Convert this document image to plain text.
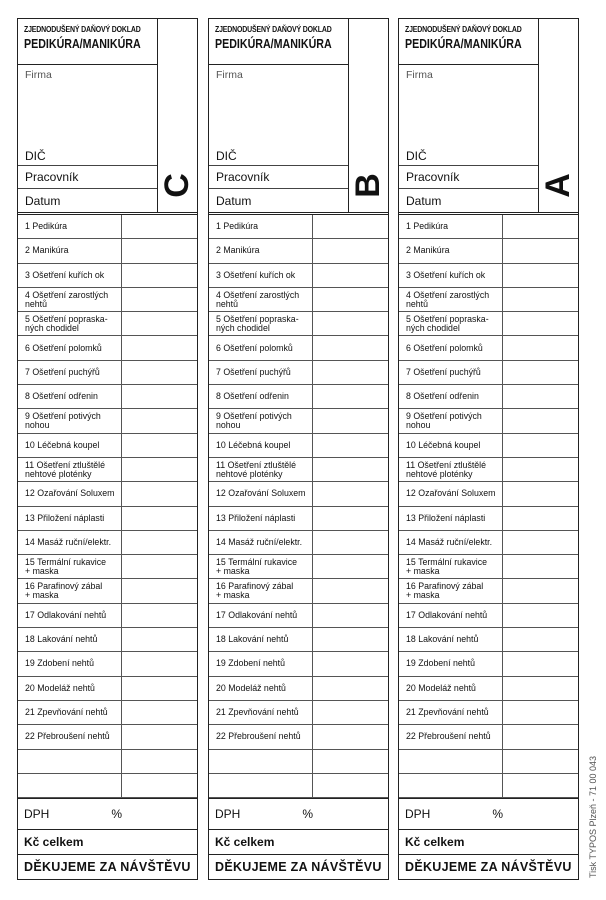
ZJEDNODUŠENÝ DAŇOVÝ DOKLAD
PEDIKÚRA/MANIKÚRA
Firma
DIČ
Pracovník
Datum
C
1 Pedikúra
2 Manikúra
3 Ošetření kuřích ok
4 Ošetření zarostlých
nehtů
5 Ošetření popraska-
ných chodidel
6 Ošetření polomků
7 Ošetření puchýřů
8 Ošetření odřenin
9 Ošetření potivých
nohou
10 Léčebná koupel
11 Ošetření ztluštělé
nehtové ploténky
12 Ozařování Soluxem
13 Přiložení náplasti
14 Masáž ruční/elektr.
15 Termální rukavice
+ maska
16 Parafinový zábal
+ maska
17 Odlakování nehtů
18 Lakování nehtů
19 Zdobení nehtů
20 Modeláž nehtů
21 Zpevňování nehtů
22 Přebroušení nehtů
DPH	%
Kč celkem
DĚKUJEME ZA NÁVŠTĚVU
ZJEDNODUŠENÝ DAŇOVÝ DOKLAD
PEDIKÚRA/MANIKÚRA
Firma
DIČ
Pracovník
Datum
B
1 Pedikúra
2 Manikúra
3 Ošetření kuřích ok
4 Ošetření zarostlých
nehtů
5 Ošetření popraska-
ných chodidel
6 Ošetření polomků
7 Ošetření puchýřů
8 Ošetření odřenin
9 Ošetření potivých
nohou
10 Léčebná koupel
11 Ošetření ztluštělé
nehtové ploténky
12 Ozařování Soluxem
13 Přiložení náplasti
14 Masáž ruční/elektr.
15 Termální rukavice
+ maska
16 Parafinový zábal
+ maska
17 Odlakování nehtů
18 Lakování nehtů
19 Zdobení nehtů
20 Modeláž nehtů
21 Zpevňování nehtů
22 Přebroušení nehtů
DPH	%
Kč celkem
DĚKUJEME ZA NÁVŠTĚVU
ZJEDNODUŠENÝ DAŇOVÝ DOKLAD
PEDIKÚRA/MANIKÚRA
Firma
DIČ
Pracovník
Datum
A
1 Pedikúra
2 Manikúra
3 Ošetření kuřích ok
4 Ošetření zarostlých
nehtů
5 Ošetření popraska-
ných chodidel
6 Ošetření polomků
7 Ošetření puchýřů
8 Ošetření odřenin
9 Ošetření potivých
nohou
10 Léčebná koupel
11 Ošetření ztluštělé
nehtové ploténky
12 Ozařování Soluxem
13 Přiložení náplasti
14 Masáž ruční/elektr.
15 Termální rukavice
+ maska
16 Parafinový zábal
+ maska
17 Odlakování nehtů
18 Lakování nehtů
19 Zdobení nehtů
20 Modeláž nehtů
21 Zpevňování nehtů
22 Přebroušení nehtů
DPH	%
Kč celkem
DĚKUJEME ZA NÁVŠTĚVU Tisk TYPOS Plzeň - 71 00 043
